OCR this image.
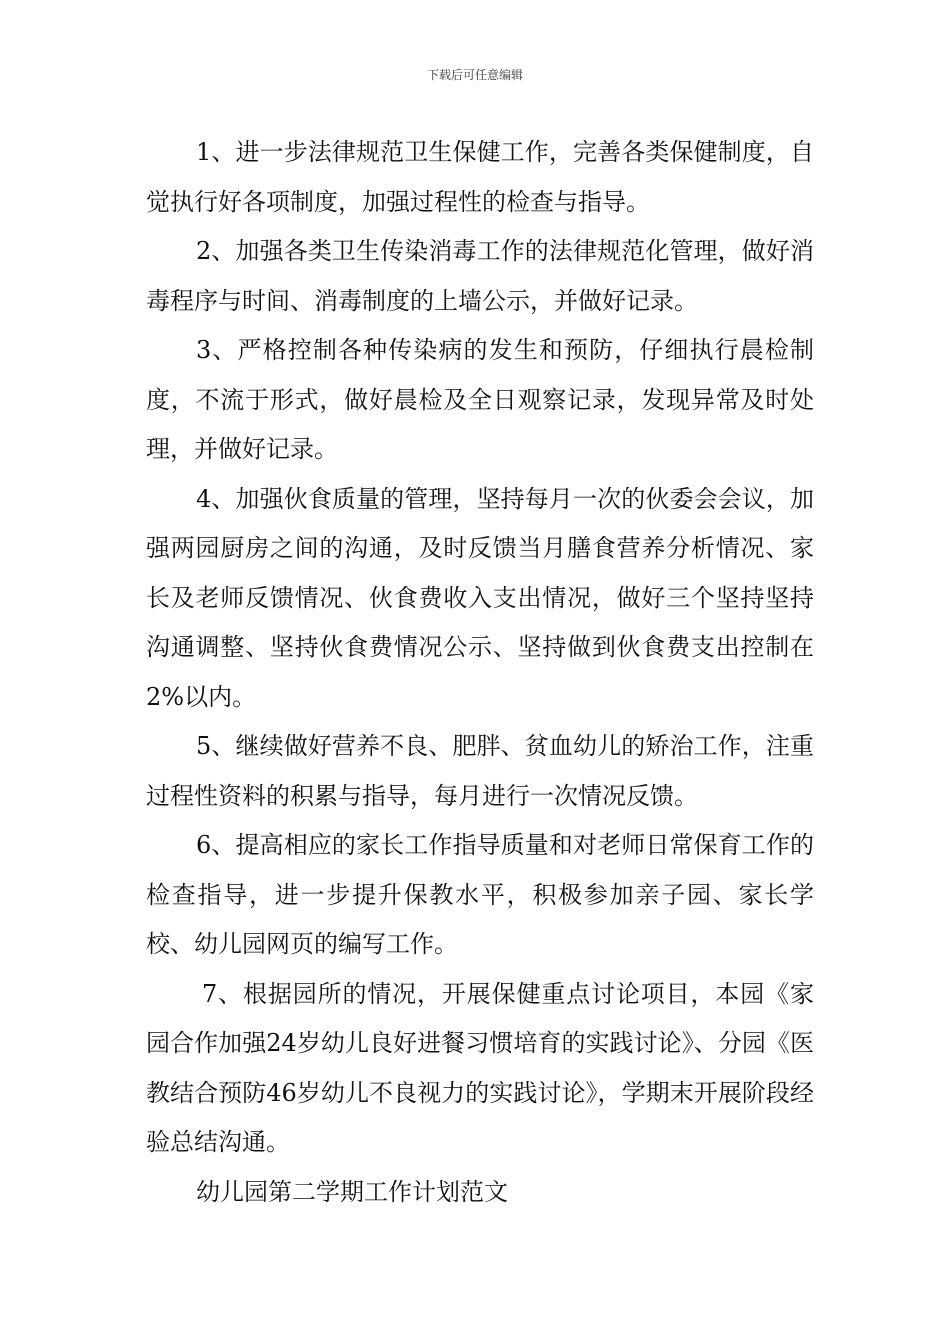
下载后可任意编辑

1、进一步法律规范卫生保健工作，完善各类保健制度，自觉执行好各项制度，加强过程性的检查与指导。

2、加强各类卫生传染消毒工作的法律规范化管理，做好消毒程序与时间、消毒制度的上墙公示，并做好记录。

3、严格控制各种传染病的发生和预防，仔细执行晨检制度，不流于形式，做好晨检及全日观察记录，发现异常及时处理，并做好记录。

4、加强伙食质量的管理，坚持每月一次的伙委会会议，加强两园厨房之间的沟通，及时反馈当月膳食营养分析情况、家长及老师反馈情况、伙食费收入支出情况，做好三个坚持坚持沟通调整、坚持伙食费情况公示、坚持做到伙食费支出控制在2%以内。

5、继续做好营养不良、肥胖、贫血幼儿的矫治工作，注重过程性资料的积累与指导，每月进行一次情况反馈。

6、提高相应的家长工作指导质量和对老师日常保育工作的检查指导，进一步提升保教水平，积极参加亲子园、家长学校、幼儿园网页的编写工作。

7、根据园所的情况，开展保健重点讨论项目，本园《家园合作加强24岁幼儿良好进餐习惯培育的实践讨论》、分园《医教结合预防46岁幼儿不良视力的实践讨论》，学期末开展阶段经验总结沟通。

幼儿园第二学期工作计划范文
